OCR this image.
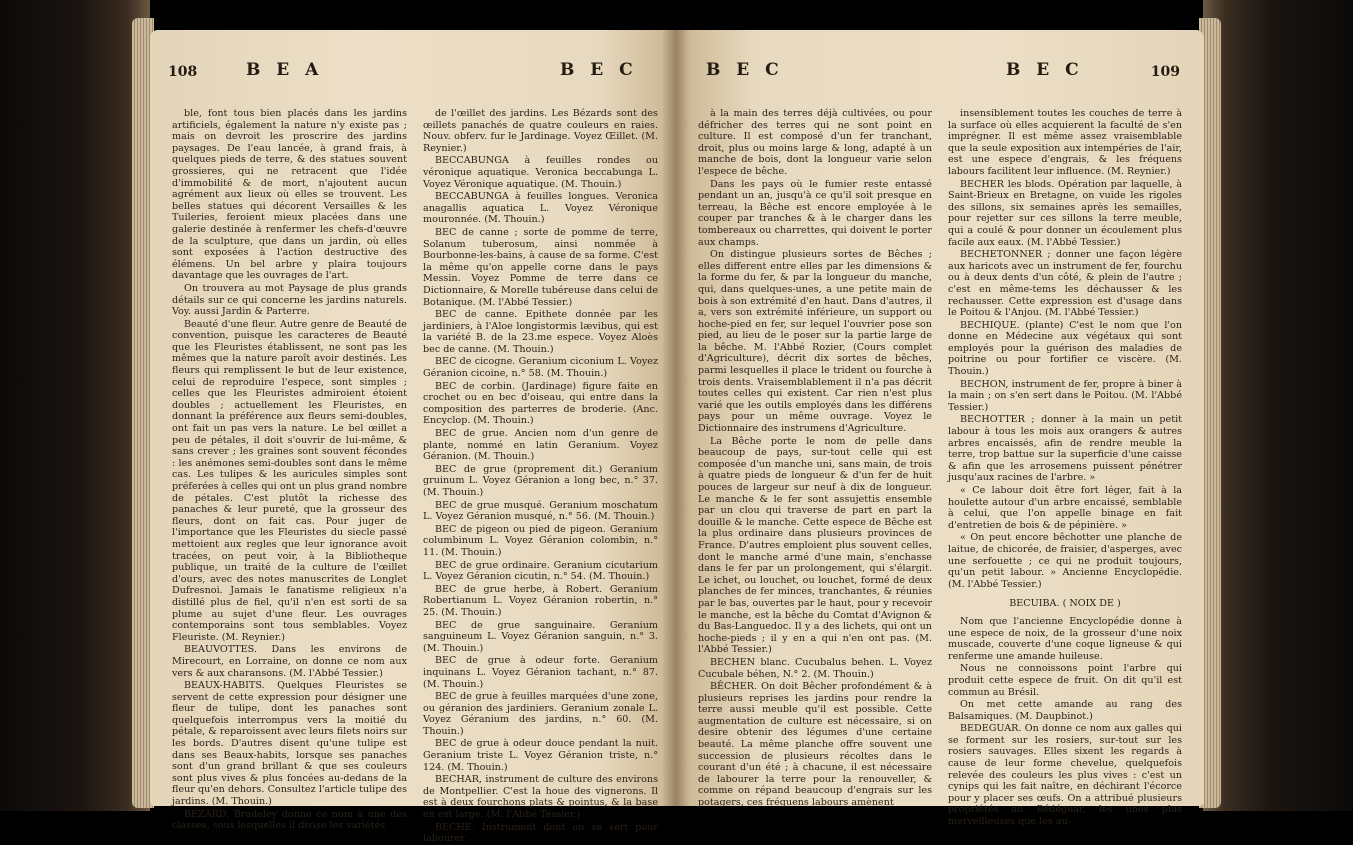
108	B E A	B E C

ble, font tous bien placés dans les jardins artificiels, également la nature n'y existe pas ; mais on devroit les proscrire des jardins paysages. De l'eau lancée, à grand frais, à quelques pieds de terre, & des statues souvent grossieres, qui ne retracent que l'idée d'immobilité & de mort, n'ajoutent aucun agrément aux lieux où elles se trouvent. Les belles statues qui décorent Versailles & les Tuileries, feroient mieux placées dans une galerie destinée à renfermer les chefs-d'œuvre de la sculpture, que dans un jardin, où elles sont exposées à l'action destructive des élémens. Un bel arbre y plaira toujours davantage que les ouvrages de l'art.

On trouvera au mot Paysage de plus grands détails sur ce qui concerne les jardins naturels. Voy. aussi Jardin & Parterre.

Beauté d'une fleur. Autre genre de Beauté de convention, puisque les caracteres de Beauté que les Fleuristes établissent, ne sont pas les mêmes que la nature paroît avoir destinés. Les fleurs qui remplissent le but de leur existence, celui de reproduire l'espece, sont simples ; celles que les Fleuristes admiroient étoient doubles ; actuellement les Fleuristes, en donnant la préférence aux fleurs semi-doubles, ont fait un pas vers la nature. Le bel œillet a peu de pétales, il doit s'ouvrir de lui-même, & sans crever ; les graines sont souvent fécondes : les anémones semi-doubles sont dans le même cas. Les tulipes & les auricules simples sont préferées à celles qui ont un plus grand nombre de pétales. C'est plutôt la richesse des panaches & leur pureté, que la grosseur des fleurs, dont on fait cas. Pour juger de l'importance que les Fleuristes du siecle passé mettoient aux regles que leur ignorance avoit tracées, on peut voir, à la Bibliotheque publique, un traité de la culture de l'œillet d'ours, avec des notes manuscrites de Longlet Dufresnoi. Jamais le fanatisme religieux n'a distillé plus de fiel, qu'il n'en est sorti de sa plume au sujet d'une fleur. Les ouvrages contemporains sont tous semblables. Voyez Fleuriste. (M. Reynier.)

BEAUVOTTES. Dans les environs de Mirecourt, en Lorraine, on donne ce nom aux vers & aux charansons. (M. l'Abbé Tessier.)

BEAUX-HABITS. Quelques Fleuristes se servent de cette expression pour désigner une fleur de tulipe, dont les panaches sont quelquefois interrompus vers la moitié du pétale, & reparoissent avec leurs filets noirs sur les bords. D'autres disent qu'une tulipe est dans ses Beaux-habits, lorsque ses panaches sont d'un grand brillant & que ses couleurs sont plus vives & plus foncées au-dedans de la fleur qu'en dehors. Consultez l'article tulipe des jardins. (M. Thouin.)

BEZARD. Bradeley donne ce nom à une des classes, sous lesquelles il divise les variétés

de l'œillet des jardins. Les Bézards sont des œillets panachés de quatre couleurs en raies. Nouv. obferv. fur le Jardinage. Voyez Œillet. (M. Reynier.)

BECCABUNGA à feuilles rondes ou véronique aquatique. Veronica beccabunga L. Voyez Véronique aquatique. (M. Thouin.)

BECCABUNGA à feuilles longues. Veronica anagallis aquatica L. Voyez Véronique mouronnée. (M. Thouin.)

BEC de canne ; sorte de pomme de terre, Solanum tuberosum, ainsi nommée à Bourbonne-les-bains, à cause de sa forme. C'est la même qu'on appelle corne dans le pays Messin. Voyez Pomme de terre dans ce Dictionnaire, & Morelle tubéreuse dans celui de Botanique. (M. l'Abbé Tessier.)

BEC de canne. Epithete donnée par les jardiniers, à l'Aloe longistormis lævibus, qui est la variété B. de la 23.me espece. Voyez Aloès bec de canne. (M. Thouin.)

BEC de cicogne. Geranium ciconium L. Voyez Géranion cicoine, n.° 58. (M. Thouin.)

BEC de corbin. (Jardinage) figure faite en crochet ou en bec d'oiseau, qui entre dans la composition des parterres de broderie. (Anc. Encyclop. (M. Thouin.)

BEC de grue. Ancien nom d'un genre de plante, nommé en latin Geranium. Voyez Géranion. (M. Thouin.)

BEC de grue (proprement dit.) Geranium gruinum L. Voyez Géranion a long bec, n.° 37. (M. Thouin.)

BEC de grue musqué. Geranium moschatum L. Voyez Géranion musqué, n.° 56. (M. Thouin.)

BEC de pigeon ou pied de pigeon. Geranium columbinum L. Voyez Géranion colombin, n.° 11. (M. Thouin.)

BEC de grue ordinaire. Geranium cicutarium L. Voyez Géranion cicutin, n.° 54. (M. Thouin.)

BEC de grue herbe, à Robert. Geranium Robertianum L. Voyez Géranion robertin, n.° 25. (M. Thouin.)

BEC de grue sanguinaire. Geranium sanguineum L. Voyez Géranion sanguin, n.° 3. (M. Thouin.)

BEC de grue à odeur forte. Geranium inquinans L. Voyez Géranion tachant, n.° 87. (M. Thouin.)

BEC de grue à feuilles marquées d'une zone, ou géranion des jardiniers. Geranium zonale L. Voyez Géranium des jardins, n.° 60. (M. Thouin.)

BEC de grue à odeur douce pendant la nuit. Geranium triste L. Voyez Géranion triste, n.° 124. (M. Thouin.)

BECHAR, instrument de culture des environs de Montpellier. C'est la houe des vignerons. Il est à deux fourchons plats & pointus, & la base en est large. (M. l'Abbé Tessier.)

BECHE. Instrument dont on se sert pour labourer

B E C	B E C	109

à la main des terres déjà cultivées, ou pour défricher des terres qui ne sont point en culture. Il est composé d'un fer tranchant, droit, plus ou moins large & long, adapté à un manche de bois, dont la longueur varie selon l'espece de bêche.

Dans les pays où le fumier reste entassé pendant un an, jusqu'à ce qu'il soit presque en terreau, la Bêche est encore employée à le couper par tranches & à le charger dans les tombereaux ou charrettes, qui doivent le porter aux champs.

On distingue plusieurs sortes de Bêches ; elles different entre elles par les dimensions & la forme du fer, & par la longueur du manche, qui, dans quelques-unes, a une petite main de bois à son extrémité d'en haut. Dans d'autres, il a, vers son extrémité inférieure, un support ou hoche-pied en fer, sur lequel l'ouvrier pose son pied, au lieu de le poser sur la partie large de la bêche. M. l'Abbé Rozier, (Cours complet d'Agriculture), décrit dix sortes de bêches, parmi lesquelles il place le trident ou fourche à trois dents. Vraisemblablement il n'a pas décrit toutes celles qui existent. Car rien n'est plus varié que les outils employés dans les différens pays pour un même ouvrage. Voyez le Dictionnaire des instrumens d'Agriculture.

La Bêche porte le nom de pelle dans beaucoup de pays, sur-tout celle qui est composée d'un manche uni, sans main, de trois à quatre pieds de longueur & d'un fer de huit pouces de largeur sur neuf à dix de longueur. Le manche & le fer sont assujettis ensemble par un clou qui traverse de part en part la douille & le manche. Cette espece de Bêche est la plus ordinaire dans plusieurs provinces de France. D'autres emploient plus souvent celles, dont le manche armé d'une main, s'enchasse dans le fer par un prolongement, qui s'élargit. Le ichet, ou louchet, ou louchet, formé de deux planches de fer minces, tranchantes, & réunies par le bas, ouvertes par le haut, pour y recevoir le manche, est la bêche du Comtat d'Avignon & du Bas-Languedoc. Il y a des lichets, qui ont un hoche-pieds ; il y en a qui n'en ont pas. (M. l'Abbé Tessier.)

BECHEN blanc. Cucubalus behen. L. Voyez Cucubale béhen, N.° 2. (M. Thouin.)

BÊCHER. On doit Bêcher profondément & à plusieurs reprises les jardins pour rendre la terre aussi meuble qu'il est possible. Cette augmentation de culture est nécessaire, si on desire obtenir des légumes d'une certaine beauté. La même planche offre souvent une succession de plusieurs récoltes dans le courant d'un été ; à chacune, il est nécessaire de labourer la terre pour la renouveller, & comme on répand beaucoup d'engrais sur les potagers, ces fréquens labours amènent

insensiblement toutes les couches de terre à la surface où elles acquierent la faculté de s'en imprégner. Il est même assez vraisemblable que la seule exposition aux intempéries de l'air, est une espece d'engrais, & les fréquens labours facilitent leur influence. (M. Reynier.)

BECHER les blods. Opération par laquelle, à Saint-Brieux en Bretagne, on vuide les rigoles des sillons, six semaines après les semailles, pour rejetter sur ces sillons la terre meuble, qui a coulé & pour donner un écoulement plus facile aux eaux. (M. l'Abbé Tessier.)

BECHETONNER ; donner une façon légère aux haricots avec un instrument de fer, fourchu ou à deux dents d'un côté, & plein de l'autre ; c'est en même-tems les déchausser & les rechausser. Cette expression est d'usage dans le Poitou & l'Anjou. (M. l'Abbé Tessier.)

BECHIQUE. (plante) C'est le nom que l'on donne en Médecine aux végétaux qui sont employés pour la guérison des maladies de poitrine ou pour fortifier ce viscère. (M. Thouin.)

BECHON, instrument de fer, propre à biner à la main ; on s'en sert dans le Poitou. (M. l'Abbé Tessier.)

BECHOTTER ; donner à la main un petit labour à tous les mois aux orangers & autres arbres encaissés, afin de rendre meuble la terre, trop battue sur la superficie d'une caisse & afin que les arrosemens puissent pénétrer jusqu'aux racines de l'arbre. »

« Ce labour doit être fort léger, fait à la houlette autour d'un arbre encaissé, semblable à celui, que l'on appelle binage en fait d'entretien de bois & de pépinière. »

« On peut encore bêchotter une planche de laitue, de chicorée, de fraisier, d'asperges, avec une serfouette ; ce qui ne produit toujours, qu'un petit labour. » Ancienne Encyclopédie. (M. l'Abbé Tessier.)

BECUIBA. ( NOIX DE )

Nom que l'ancienne Encyclopédie donne à une espece de noix, de la grosseur d'une noix muscade, couverte d'une coque ligneuse & qui renferme une amande huileuse.

Nous ne connoissons point l'arbre qui produit cette espece de fruit. On dit qu'il est commun au Brésil.

On met cette amande au rang des Balsamiques. (M. Daupbinot.)

BEDEGUAR. On donne ce nom aux galles qui se forment sur les rosiers, sur-tout sur les rosiers sauvages. Elles sixent les regards à cause de leur forme chevelue, quelquefois relevée des couleurs les plus vives : c'est un cynips qui les fait naître, en déchirant l'écorce pour y placer ses œufs. On a attribué plusieurs propriétés au Bédéguar, les unes plus merveilleuses que les au-
